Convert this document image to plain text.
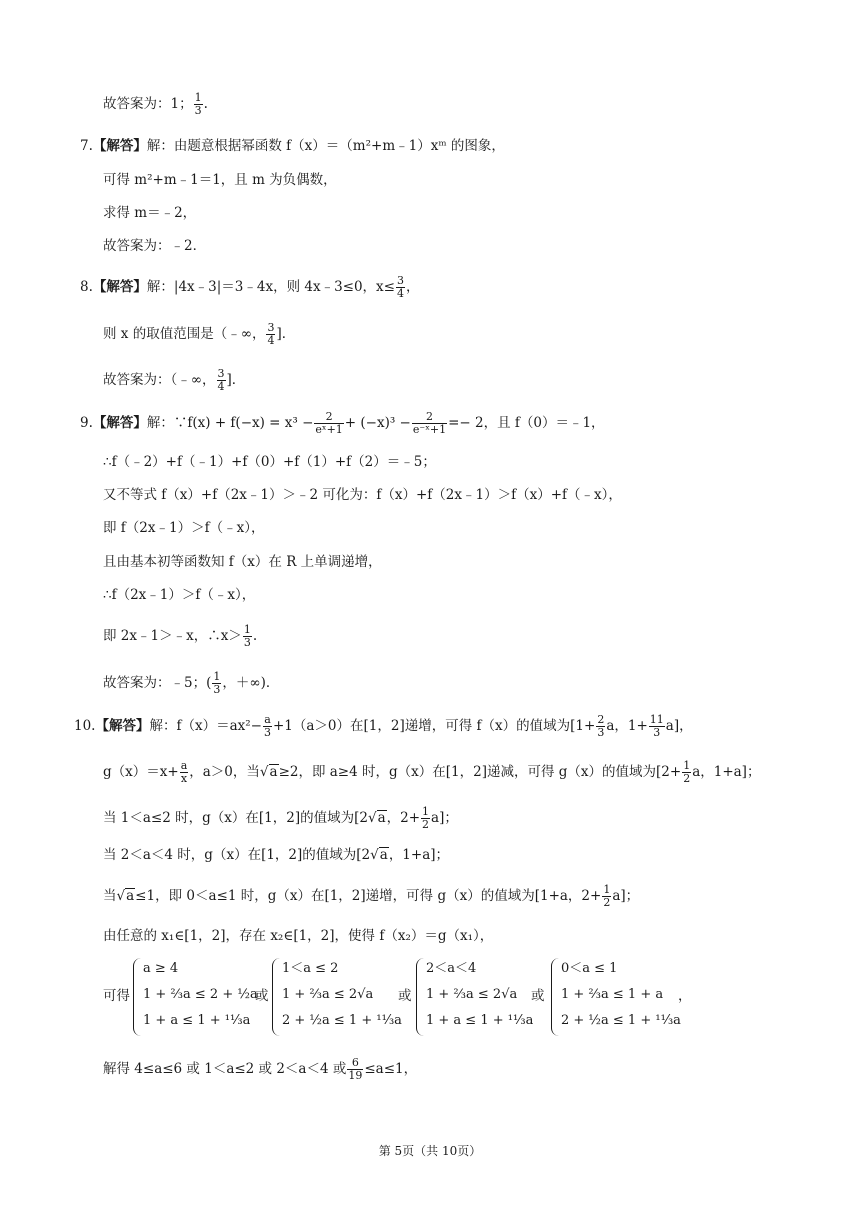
故答案为：1； $\frac{1}{3}$ .
7.【解答】解：由题意根据幂函数 f（x）＝（m²+m﹣1）xᵐ 的图象，
可得 m²+m﹣1＝1，且 m 为负偶数，
求得 m＝﹣2，
故答案为：﹣2．
8.【解答】解：|4x﹣3|＝3﹣4x，则 4x﹣3≤0，$x\le \frac{3}{4}$ ，
则 x 的取值范围是（﹣∞， $\frac{3}{4}$ ]．
故答案为：（﹣∞， $\frac{3}{4}$ ]．
9.【解答】解：∵f(x) + $f(-x) = x^3 - \frac{2}{\text{eˣ+1}} + (-x)^3 - \frac{2}{\text{e⁻ˣ+1}} =- 2$，且 f（0）＝﹣1，
∴f（﹣2）+f（﹣1）+f（0）+f（1）+f（2）＝﹣5；
又不等式 f（x）+f（2x﹣1）＞﹣2 可化为：f（x）+f（2x﹣1）＞f（x）+f（﹣x），
即 f（2x﹣1）＞f（﹣x），
且由基本初等函数知 f（x）在 R 上单调递增，
∴f（2x﹣1）＞f（﹣x），
即 2x﹣1＞﹣x，∴x＞ $\frac{1}{3}$ .
故答案为：﹣5；( $\frac{1}{3}$ ，＋∞)．
10.【解答】解：$f(x)=ax^2- \frac{a}{3} +1(a>0)$在[1，2]递增，可得 f（x）的值域为[$1+ \frac{2}{3}$ a，$1+ \frac{11}{3} a$]，
$g(x)=x+ \frac{a}{x}$ ，a＞0，当√a≥2，即 a≥4 时，g（x）在[1，2]递减，可得 g（x）的值域为[$2+ \frac{1}{2}$ a，1+a]；
当 1＜a≤2 时，g（x）在[1，2]的值域为[2√a，$2+ \frac{1}{2} a$]；
当 2＜a＜4 时，g（x）在[1，2]的值域为[2√a，1+a]；
当√a≤1，即 0＜a≤1 时，g（x）在[1，2]递增，可得 g（x）的值域为[1+a，$2+ \frac{1}{2} a$]；
由任意的 x₁∈[1，2]，存在 x₂∈[1，2]，使得 f（x₂）＝g（x₁），
可得
a ≥ 4
1 + ⅔a ≤ 2 + ½a
1 + a ≤ 1 + ¹¹⁄₃a
或
1＜a ≤ 2
1 + ⅔a ≤ 2√a
2 + ½a ≤ 1 + ¹¹⁄₃a
或
2＜a＜4
1 + ⅔a ≤ 2√a
1 + a ≤ 1 + ¹¹⁄₃a
或
0＜a ≤ 1
1 + ⅔a ≤ 1 + a
2 + ½a ≤ 1 + ¹¹⁄₃a
，
解得 4≤a≤6 或 1＜a≤2 或 2＜a＜4 或 $\frac{6}{19} \le a\le 1$，
第 5页（共 10页）
